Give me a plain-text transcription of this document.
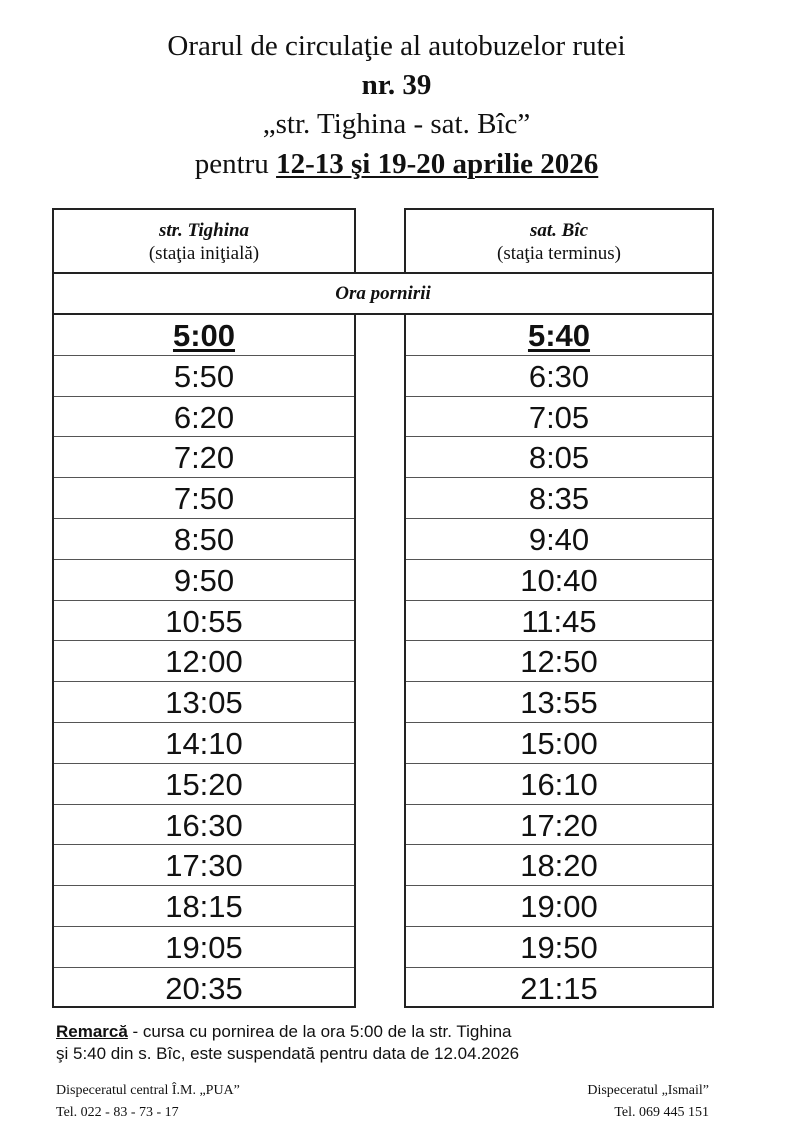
Orarul de circulaţie al autobuzelor rutei
nr. 39
„str. Tighina - sat. Bîc”
pentru 12-13 şi 19-20 aprilie 2026
str. Tighina
(staţia iniţială)
sat. Bîc
(staţia terminus)
Ora pornirii
5:00
5:50
6:20
7:20
7:50
8:50
9:50
10:55
12:00
13:05
14:10
15:20
16:30
17:30
18:15
19:05
20:35
5:40
6:30
7:05
8:05
8:35
9:40
10:40
11:45
12:50
13:55
15:00
16:10
17:20
18:20
19:00
19:50
21:15
Remarcă - cursa cu pornirea de la ora 5:00 de la str. Tighina
şi 5:40 din s. Bîc, este suspendată pentru data de 12.04.2026
Dispeceratul central Î.M. „PUA”
Tel. 022 - 83 - 73 - 17
Dispeceratul „Ismail”
Tel. 069 445 151
